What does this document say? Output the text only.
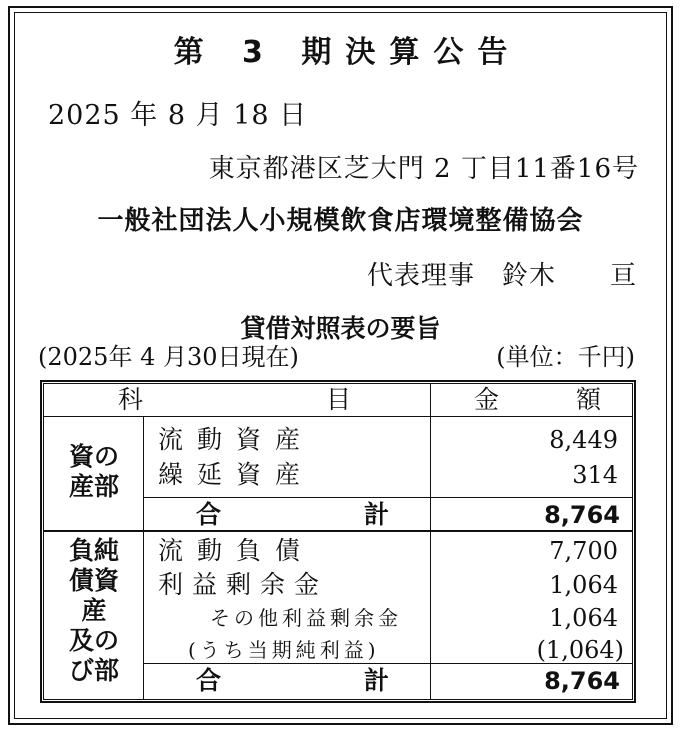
第 3 期決算公告
2025 年 8 月 18 日
東京都港区芝大門 2 丁目11番16号
一般社団法人小規模飲食店環境整備協会
代表理事　鈴木　　亘
貸借対照表の要旨
(2025年 4 月30日現在)	(単位：千円)
科	目	金	額
資の
産部
流動資産	8,449
繰延資産	314
合	計	8,764
負純
債資
産
及の
び部
流動負債	7,700
利益剰余金	1,064
その他利益剰余金	1,064
(うち当期純利益)	(1,064)
合	計	8,764
